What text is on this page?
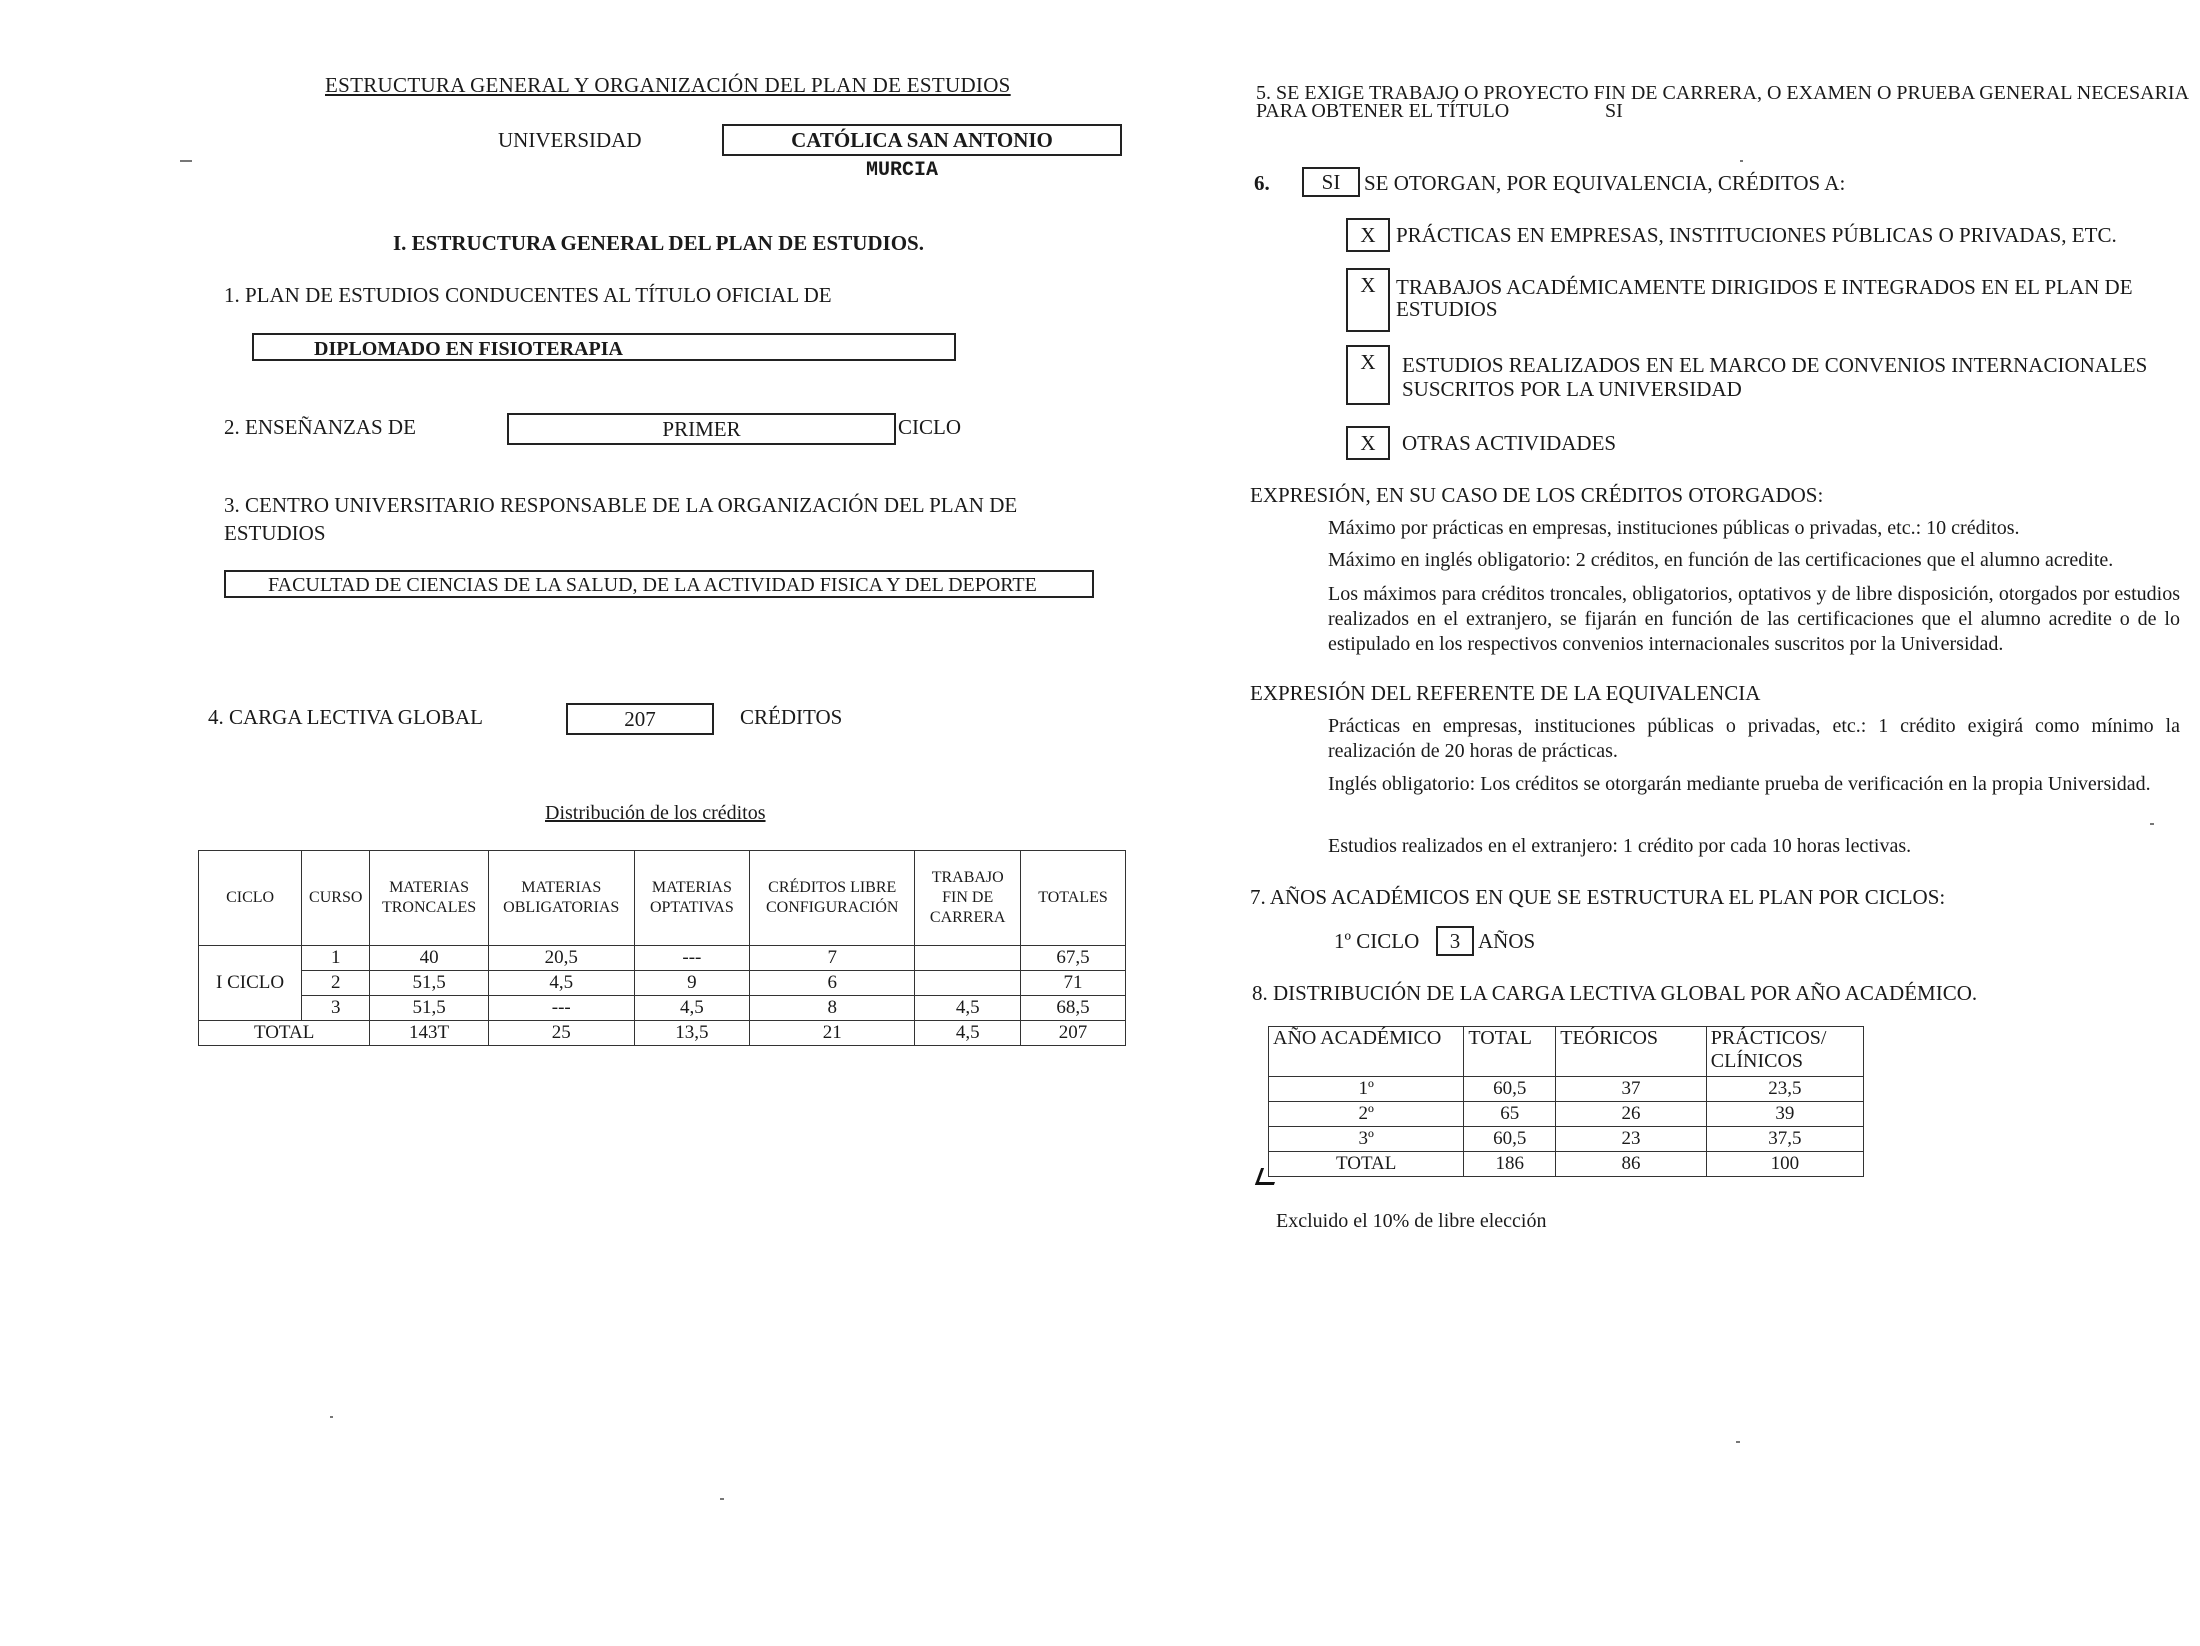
ESTRUCTURA GENERAL Y ORGANIZACIÓN DEL PLAN DE ESTUDIOS
UNIVERSIDAD	CATÓLICA SAN ANTONIO
MURCIA
I. ESTRUCTURA GENERAL DEL PLAN DE ESTUDIOS.
1. PLAN DE ESTUDIOS CONDUCENTES AL TÍTULO OFICIAL DE
DIPLOMADO EN FISIOTERAPIA
2. ENSEÑANZAS DE	PRIMER	CICLO
3. CENTRO UNIVERSITARIO RESPONSABLE DE LA ORGANIZACIÓN DEL PLAN DE
ESTUDIOS
FACULTAD DE CIENCIAS DE LA SALUD, DE LA ACTIVIDAD FISICA Y DEL DEPORTE
4. CARGA LECTIVA GLOBAL	207	CRÉDITOS
Distribución de los créditos
CICLO	CURSO	MATERIAS TRONCALES	MATERIAS OBLIGATORIAS	MATERIAS OPTATIVAS	CRÉDITOS LIBRE CONFIGURACIÓN	TRABAJO FIN DE CARRERA	TOTALES
I CICLO	1	40	20,5	---	7		67,5
	2	51,5	4,5	9	6		71
	3	51,5	---	4,5	8	4,5	68,5
TOTAL		143T	25	13,5	21	4,5	207
5. SE EXIGE TRABAJO O PROYECTO FIN DE CARRERA, O EXAMEN O PRUEBA GENERAL NECESARIA
PARA OBTENER EL TÍTULO	SI
6.	SI	SE OTORGAN, POR EQUIVALENCIA, CRÉDITOS A:
X PRÁCTICAS EN EMPRESAS, INSTITUCIONES PÚBLICAS O PRIVADAS, ETC.
X TRABAJOS ACADÉMICAMENTE DIRIGIDOS E INTEGRADOS EN EL PLAN DE
ESTUDIOS
X	ESTUDIOS REALIZADOS EN EL MARCO DE CONVENIOS INTERNACIONALES
SUSCRITOS POR LA UNIVERSIDAD
X	OTRAS ACTIVIDADES
EXPRESIÓN, EN SU CASO DE LOS CRÉDITOS OTORGADOS:
Máximo por prácticas en empresas, instituciones públicas o privadas, etc.: 10 créditos.
Máximo en inglés obligatorio: 2 créditos, en función de las certificaciones que el alumno acredite.
Los máximos para créditos troncales, obligatorios, optativos y de libre disposición, otorgados por estudios realizados en el extranjero, se fijarán en función de las certificaciones que el alumno acredite o de lo estipulado en los respectivos convenios internacionales suscritos por la Universidad.
EXPRESIÓN DEL REFERENTE DE LA EQUIVALENCIA
Prácticas en empresas, instituciones públicas o privadas, etc.: 1 crédito exigirá como mínimo la realización de 20 horas de prácticas.
Inglés obligatorio: Los créditos se otorgarán mediante prueba de verificación en la propia Universidad.
Estudios realizados en el extranjero: 1 crédito por cada 10 horas lectivas.
7. AÑOS ACADÉMICOS EN QUE SE ESTRUCTURA EL PLAN POR CICLOS:
1º CICLO	3 AÑOS
8. DISTRIBUCIÓN DE LA CARGA LECTIVA GLOBAL POR AÑO ACADÉMICO.
AÑO ACADÉMICO	TOTAL	TEÓRICOS	PRÁCTICOS/ CLÍNICOS
1º	60,5	37	23,5
2º	65	26	39
3º	60,5	23	37,5
TOTAL	186	86	100
Excluido el 10% de libre elección
